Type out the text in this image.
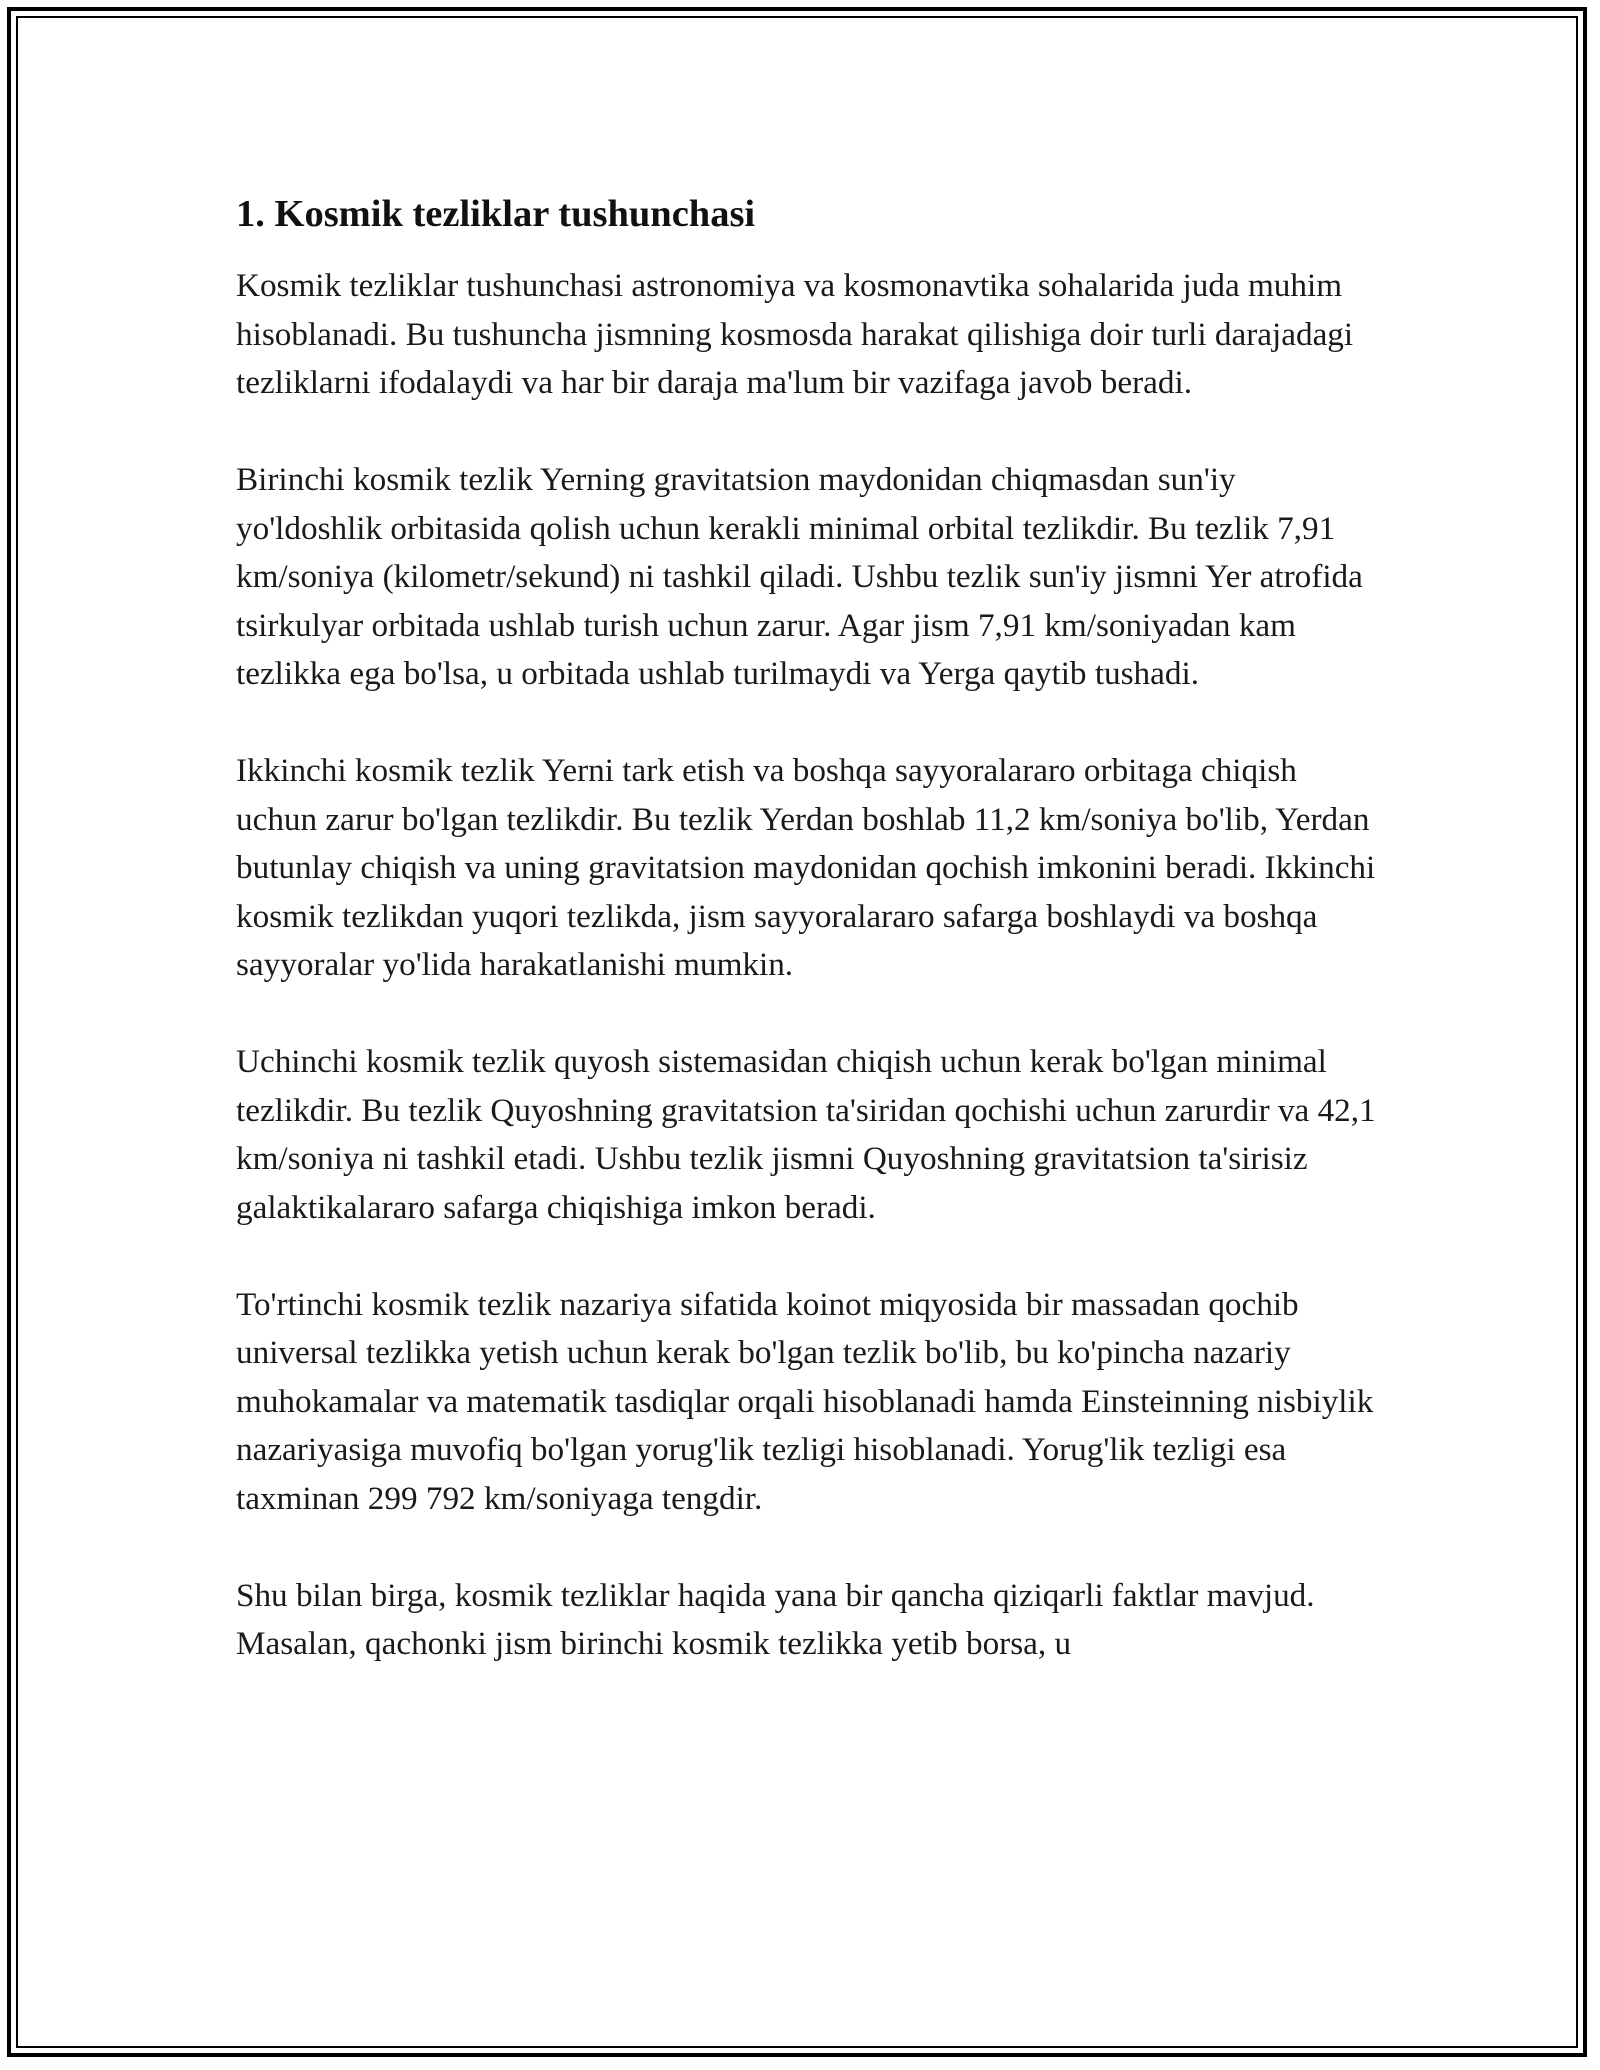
1. Kosmik tezliklar tushunchasi

Kosmik tezliklar tushunchasi astronomiya va kosmonavtika sohalarida juda muhim hisoblanadi. Bu tushuncha jismning kosmosda harakat qilishiga doir turli darajadagi tezliklarni ifodalaydi va har bir daraja ma'lum bir vazifaga javob beradi.

Birinchi kosmik tezlik Yerning gravitatsion maydonidan chiqmasdan sun'iy yo'ldoshlik orbitasida qolish uchun kerakli minimal orbital tezlikdir. Bu tezlik 7,91 km/soniya (kilometr/sekund) ni tashkil qiladi. Ushbu tezlik sun'iy jismni Yer atrofida tsirkulyar orbitada ushlab turish uchun zarur. Agar jism 7,91 km/soniyadan kam tezlikka ega bo'lsa, u orbitada ushlab turilmaydi va Yerga qaytib tushadi.

Ikkinchi kosmik tezlik Yerni tark etish va boshqa sayyoralararo orbitaga chiqish uchun zarur bo'lgan tezlikdir. Bu tezlik Yerdan boshlab 11,2 km/soniya bo'lib, Yerdan butunlay chiqish va uning gravitatsion maydonidan qochish imkonini beradi. Ikkinchi kosmik tezlikdan yuqori tezlikda, jism sayyoralararo safarga boshlaydi va boshqa sayyoralar yo'lida harakatlanishi mumkin.

Uchinchi kosmik tezlik quyosh sistemasidan chiqish uchun kerak bo'lgan minimal tezlikdir. Bu tezlik Quyoshning gravitatsion ta'siridan qochishi uchun zarurdir va 42,1 km/soniya ni tashkil etadi. Ushbu tezlik jismni Quyoshning gravitatsion ta'sirisiz galaktikalararo safarga chiqishiga imkon beradi.

To'rtinchi kosmik tezlik nazariya sifatida koinot miqyosida bir massadan qochib universal tezlikka yetish uchun kerak bo'lgan tezlik bo'lib, bu ko'pincha nazariy muhokamalar va matematik tasdiqlar orqali hisoblanadi hamda Einsteinning nisbiylik nazariyasiga muvofiq bo'lgan yorug'lik tezligi hisoblanadi. Yorug'lik tezligi esa taxminan 299 792 km/soniyaga tengdir.

Shu bilan birga, kosmik tezliklar haqida yana bir qancha qiziqarli faktlar mavjud. Masalan, qachonki jism birinchi kosmik tezlikka yetib borsa, u
